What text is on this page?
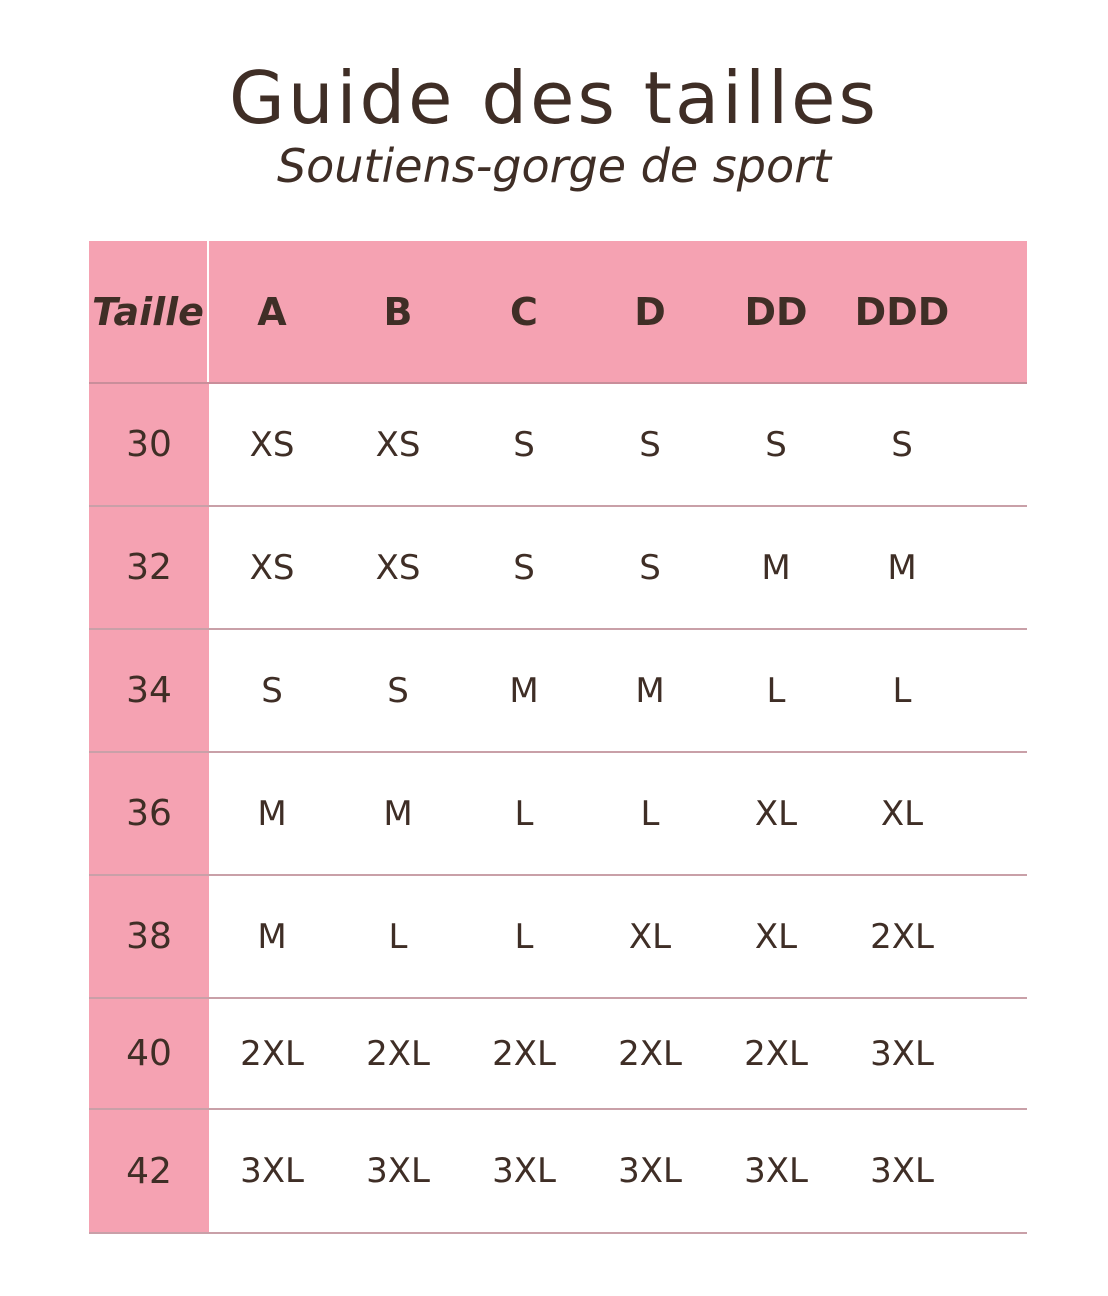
Guide des tailles
Soutiens-gorge de sport
Taille	A	B	C	D	DD	DDD
30	XS	XS	S	S	S	S
32	XS	XS	S	S	M	M
34	S	S	M	M	L	L
36	M	M	L	L	XL	XL
38	M	L	L	XL	XL	2XL
40	2XL	2XL	2XL	2XL	2XL	3XL
42	3XL	3XL	3XL	3XL	3XL	3XL
